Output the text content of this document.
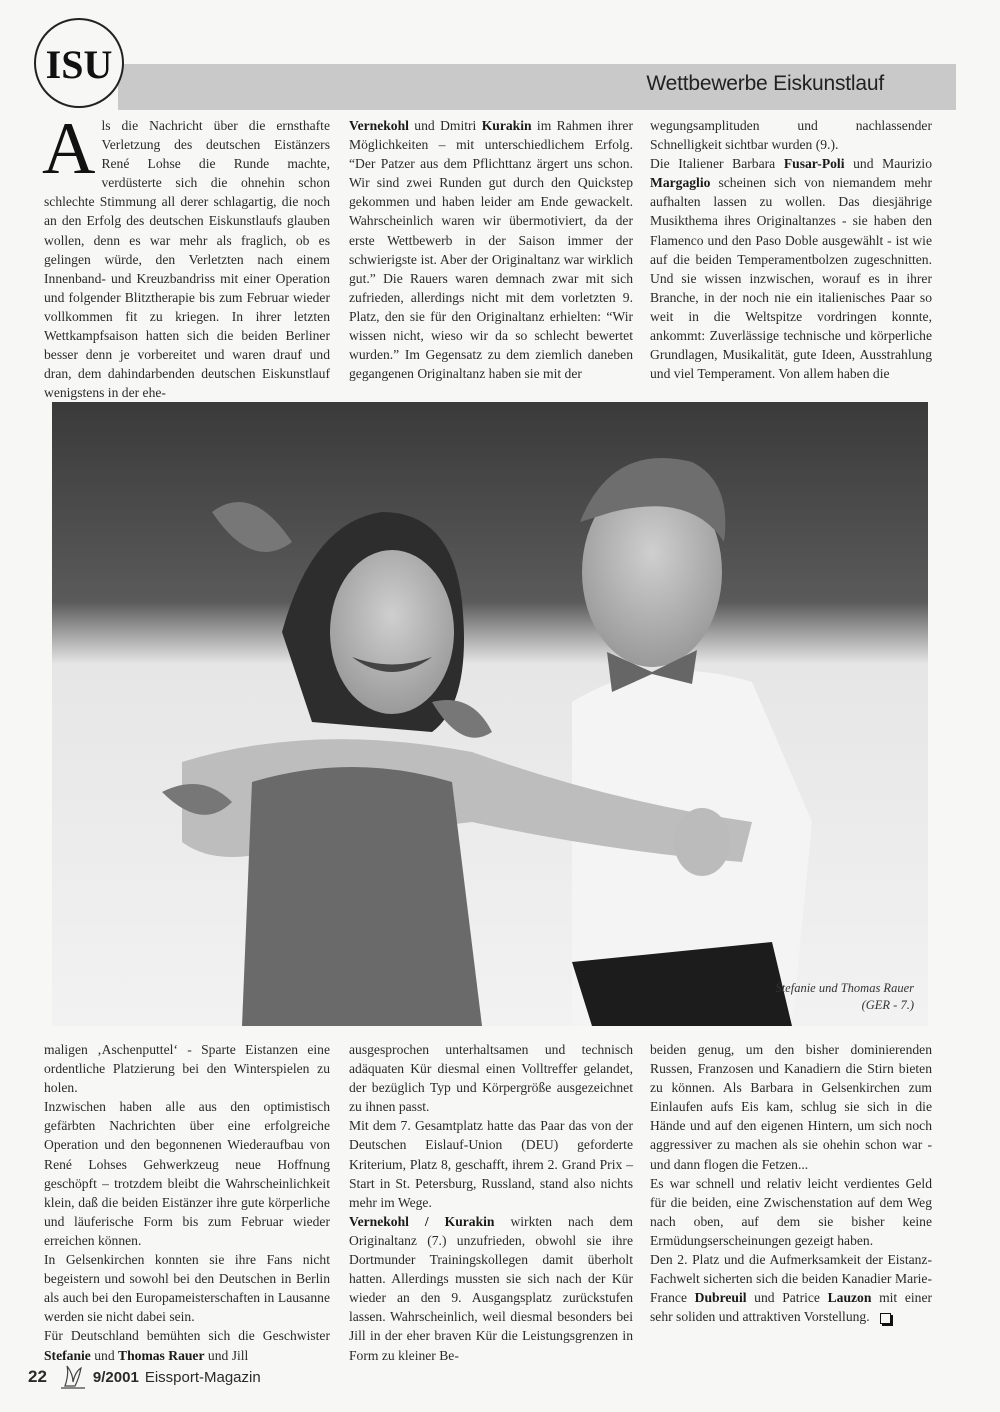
ISU	Wettbewerbe Eiskunstlauf
A ls die Nachricht über die ernsthafte Verletzung des deutschen Eistänzers René Lohse die Runde machte, verdüsterte sich die ohnehin schon schlechte Stimmung all derer schlagartig, die noch an den Erfolg des deutschen Eiskunstlaufs glauben wollen, denn es war mehr als fraglich, ob es gelingen würde, den Verletzten nach einem Innenband- und Kreuzbandriss mit einer Operation und folgender Blitztherapie bis zum Februar wieder vollkommen fit zu kriegen. In ihrer letzten Wettkampfsaison hatten sich die beiden Berliner besser denn je vorbereitet und waren drauf und dran, dem dahindarbenden deutschen Eiskunstlauf wenigstens in der ehe-

Vernekohl und Dmitri Kurakin im Rahmen ihrer Möglichkeiten – mit unterschiedlichem Erfolg. “Der Patzer aus dem Pflichttanz ärgert uns schon. Wir sind zwei Runden gut durch den Quickstep gekommen und haben leider am Ende gewackelt. Wahrscheinlich waren wir übermotiviert, da der erste Wettbewerb in der Saison immer der schwierigste ist. Aber der Originaltanz war wirklich gut.” Die Rauers waren demnach zwar mit sich zufrieden, allerdings nicht mit dem vorletzten 9. Platz, den sie für den Originaltanz erhielten: “Wir wissen nicht, wieso wir da so schlecht bewertet wurden.” Im Gegensatz zu dem ziemlich daneben gegangenen Originaltanz haben sie mit der

wegungsamplituden und nachlassender Schnelligkeit sichtbar wurden (9.).

Die Italiener Barbara Fusar-Poli und Maurizio Margaglio scheinen sich von niemandem mehr aufhalten lassen zu wollen. Das diesjährige Musikthema ihres Originaltanzes - sie haben den Flamenco und den Paso Doble ausgewählt - ist wie auf die beiden Temperamentbolzen zugeschnitten. Und sie wissen inzwischen, worauf es in ihrer Branche, in der noch nie ein italienisches Paar so weit in die Weltspitze vordringen konnte, ankommt: Zuverlässige technische und körperliche Grundlagen, Musikalität, gute Ideen, Ausstrahlung und viel Temperament. Von allem haben die

Stefanie und Thomas Rauer
(GER - 7.)

maligen ‚Aschenputtel‘ - Sparte Eistanzen eine ordentliche Platzierung bei den Winterspielen zu holen.

Inzwischen haben alle aus den optimistisch gefärbten Nachrichten über eine erfolgreiche Operation und den begonnenen Wiederaufbau von René Lohses Gehwerkzeug neue Hoffnung geschöpft – trotzdem bleibt die Wahrscheinlichkeit klein, daß die beiden Eistänzer ihre gute körperliche und läuferische Form bis zum Februar wieder erreichen können.

In Gelsenkirchen konnten sie ihre Fans nicht begeistern und sowohl bei den Deutschen in Berlin als auch bei den Europameisterschaften in Lausanne werden sie nicht dabei sein.

Für Deutschland bemühten sich die Geschwister Stefanie und Thomas Rauer und Jill

ausgesprochen unterhaltsamen und technisch adäquaten Kür diesmal einen Volltreffer gelandet, der bezüglich Typ und Körpergröße ausgezeichnet zu ihnen passt.

Mit dem 7. Gesamtplatz hatte das Paar das von der Deutschen Eislauf-Union (DEU) geforderte Kriterium, Platz 8, geschafft, ihrem 2. Grand Prix – Start in St. Petersburg, Russland, stand also nichts mehr im Wege.

Vernekohl / Kurakin wirkten nach dem Originaltanz (7.) unzufrieden, obwohl sie ihre Dortmunder Trainingskollegen damit überholt hatten. Allerdings mussten sie sich nach der Kür wieder an den 9. Ausgangsplatz zurückstufen lassen. Wahrscheinlich, weil diesmal besonders bei Jill in der eher braven Kür die Leistungsgrenzen in Form zu kleiner Be-

beiden genug, um den bisher dominierenden Russen, Franzosen und Kanadiern die Stirn bieten zu können. Als Barbara in Gelsenkirchen zum Einlaufen aufs Eis kam, schlug sie sich in die Hände und auf den eigenen Hintern, um sich noch aggressiver zu machen als sie ohehin schon war - und dann flogen die Fetzen...

Es war schnell und relativ leicht verdientes Geld für die beiden, eine Zwischenstation auf dem Weg nach oben, auf dem sie bisher keine Ermüdungserscheinungen gezeigt haben.

Den 2. Platz und die Aufmerksamkeit der Eistanz-Fachwelt sicherten sich die beiden Kanadier Marie-France Dubreuil und Patrice Lauzon mit einer sehr soliden und attraktiven Vorstellung.

22	9/2001 Eissport-Magazin
